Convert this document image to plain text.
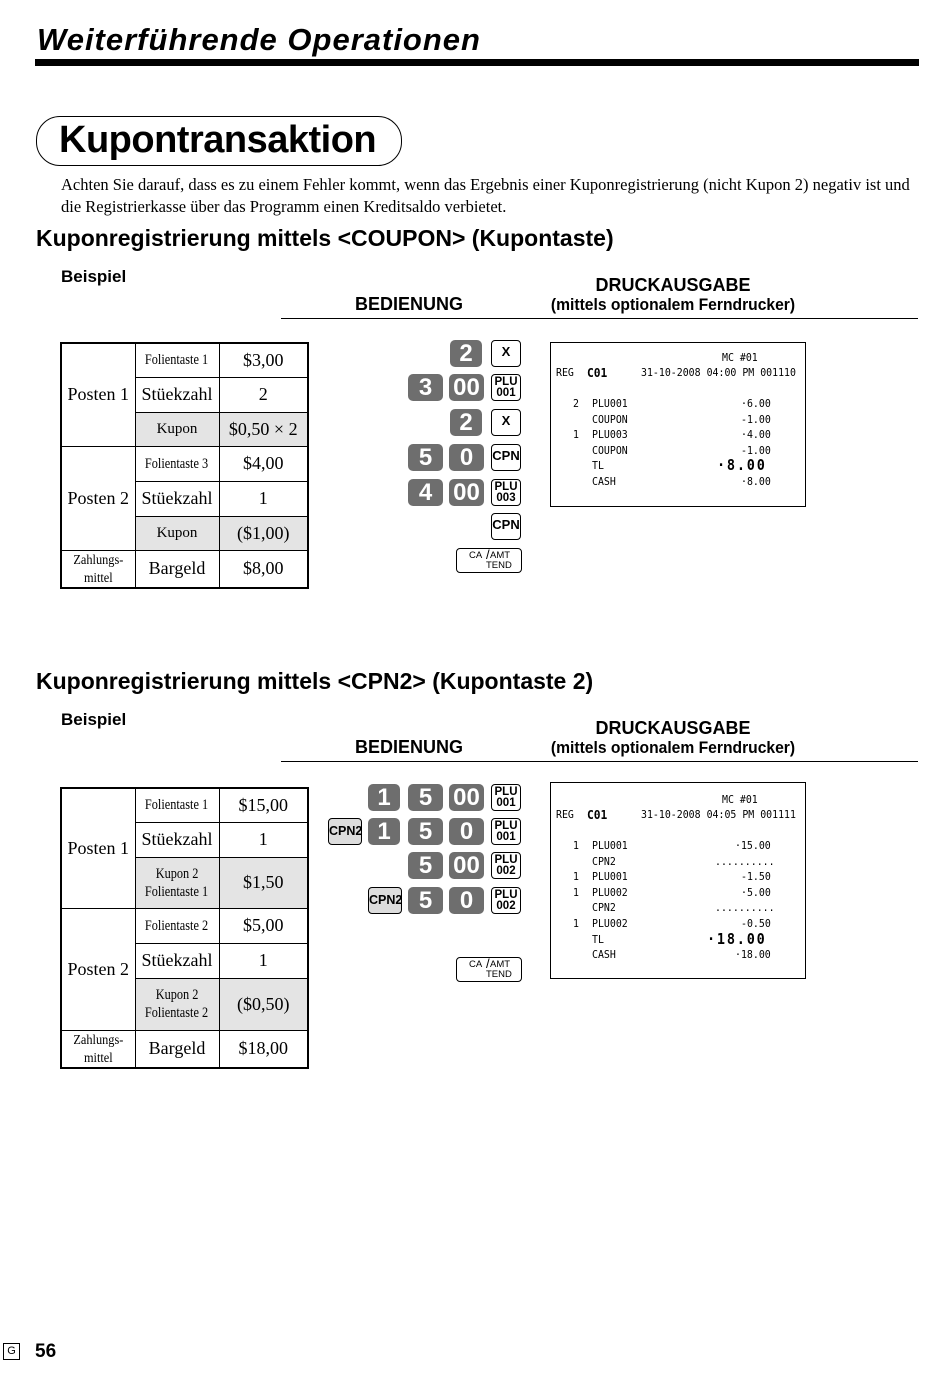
Weiterführende Operationen
Kupontransaktion
Achten Sie darauf, dass es zu einem Fehler kommt, wenn das Ergebnis einer Kuponregistrierung (nicht Kupon 2) negativ ist und die Registrierkasse über das Programm einen Kreditsaldo verbietet.
Kuponregistrierung mittels <COUPON> (Kupontaste)
Beispiel	DRUCKAUSGABE
(mittels optionalem Ferndrucker)
BEDIENUNG
Posten 1	Folientaste 1	$3,00
	Stüekzahl	2
	Kupon	$0,50 × 2
Posten 2	Folientaste 3	$4,00
	Stüekzahl	1
	Kupon	($1,00)
Zahlungs-
mittel	Bargeld	$8,00
2	X
3 00	PLU
001
2	X
5	0	CPN
4 00	PLU
003
CPN
CA / AMT
TEND
MC #01
REG C01	31-10-2008 04:00 PM 001110
2 PLU001	·6.00
COUPON	-1.00
1 PLU003	·4.00
COUPON	-1.00
TL	·8.00
CASH	·8.00
Kuponregistrierung mittels <CPN2> (Kupontaste 2)
Beispiel	DRUCKAUSGABE
(mittels optionalem Ferndrucker)
BEDIENUNG
Posten 1	Folientaste 1	$15,00
	Stüekzahl	1
	Kupon 2
Folientaste 1	$1,50
Posten 2	Folientaste 2	$5,00
	Stüekzahl	1
	Kupon 2
Folientaste 2	($0,50)
Zahlungs-
mittel	Bargeld	$18,00
1	5 00	PLU
001
CPN2 1	5	0	PLU
001
5 00	PLU
002
CPN2 5	0	PLU
002
CA / AMT
TEND
MC #01
REG C01	31-10-2008 04:05 PM 001111
1 PLU001	·15.00
CPN2	..........
1 PLU001	-1.50
1 PLU002	·5.00
CPN2	..........
1 PLU002	-0.50
TL	·18.00
CASH	·18.00
G 56
